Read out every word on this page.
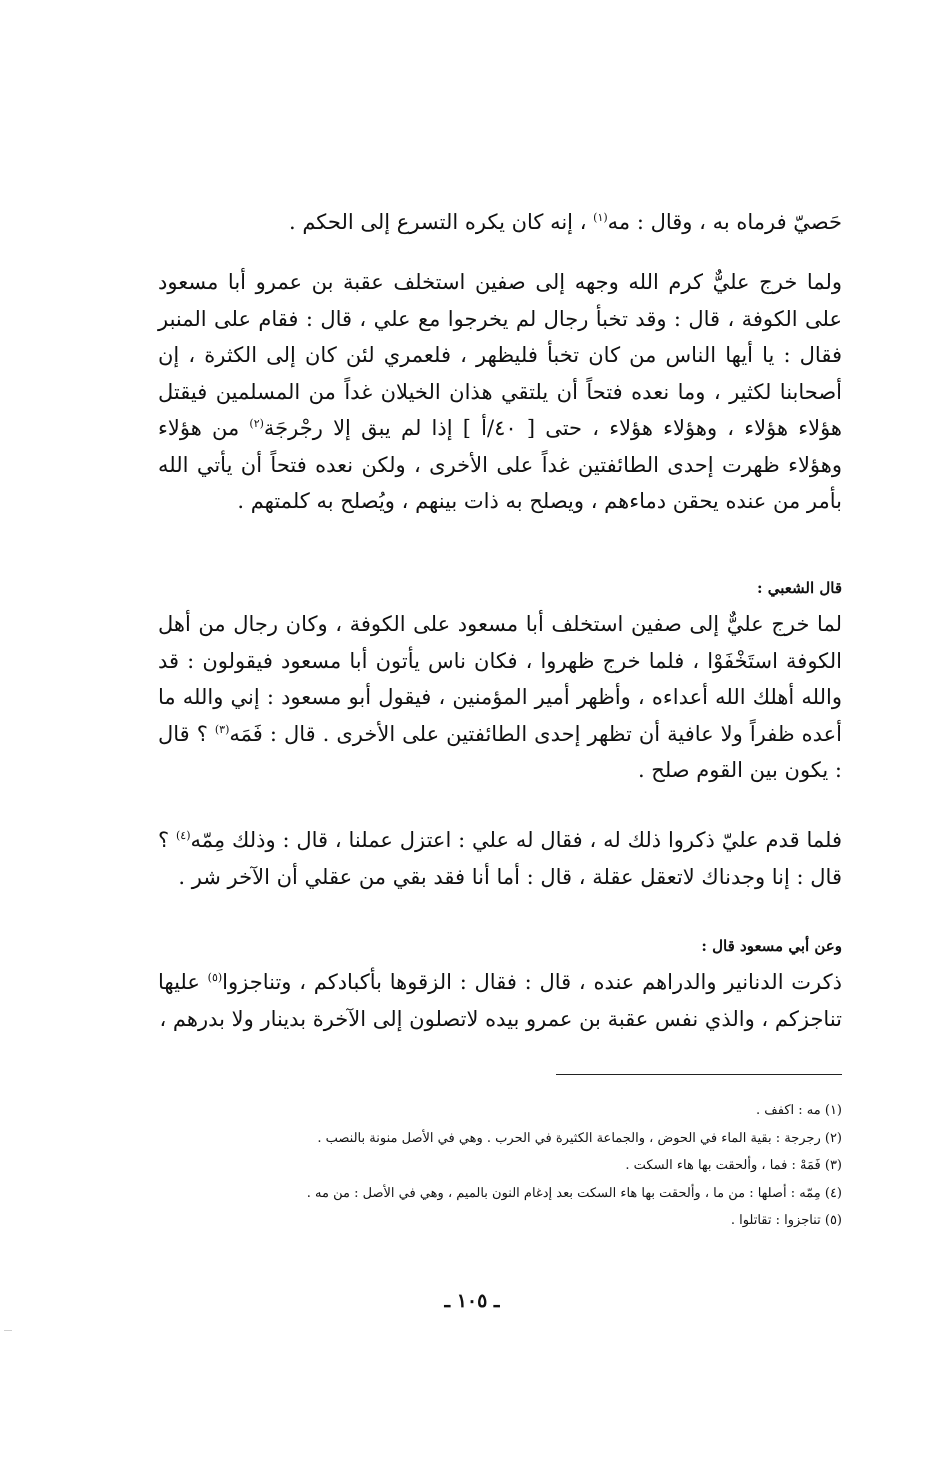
حَصيّ فرماه به ، وقال : مه$^{(١)}$ ، إنه كان يكره التسرع إلى الحكم .

ولما خرج عليٌّ كرم الله وجهه إلى صفين استخلف عقبة بن عمرو أبا مسعود على الكوفة ، قال : وقد تخبأ رجال لم يخرجوا مع علي ، قال : فقام على المنبر فقال : يا أيها الناس من كان تخبأ فليظهر ، فلعمري لئن كان إلى الكثرة ، إن أصحابنا لكثير ، وما نعده فتحاً أن يلتقي هذان الخيلان غداً من المسلمين فيقتل هؤلاء هؤلاء ، وهؤلاء هؤلاء ، حتى [ ٤٠/أ ] إذا لم يبق إلا رجْرجَة$^{(٢)}$ من هؤلاء وهؤلاء ظهرت إحدى الطائفتين غداً على الأخرى ، ولكن نعده فتحاً أن يأتي الله بأمر من عنده يحقن دماءهم ، ويصلح به ذات بينهم ، ويُصلح به كلمتهم .

قال الشعبي :

لما خرج عليٌّ إلى صفين استخلف أبا مسعود على الكوفة ، وكان رجال من أهل الكوفة استَخْفَوْا ، فلما خرج ظهروا ، فكان ناس يأتون أبا مسعود فيقولون : قد والله أهلك الله أعداءه ، وأظهر أمير المؤمنين ، فيقول أبو مسعود : إني والله ما أعده ظفراً ولا عافية أن تظهر إحدى الطائفتين على الأخرى . قال : فَمَه$^{(٣)}$ ؟ قال : يكون بين القوم صلح .

فلما قدم عليّ ذكروا ذلك له ، فقال له علي : اعتزل عملنا ، قال : وذلك مِمّه$^{(٤)}$ ؟ قال : إنا وجدناك لاتعقل عقلة ، قال : أما أنا فقد بقي من عقلي أن الآخر شر .

وعن أبي مسعود قال :

ذكرت الدنانير والدراهم عنده ، قال : فقال : الزقوها بأكبادكم ، وتناجزوا$^{(٥)}$ عليها تناجزكم ، والذي نفس عقبة بن عمرو بيده لاتصلون إلى الآخرة بدينار ولا بدرهم ،

(١) مه : اكفف .

(٢) رجرجة : بقية الماء في الحوض ، والجماعة الكثيرة في الحرب . وهي في الأصل منونة بالنصب .

(٣) فَمَهْ : فما ، وألحقت بها هاء السكت .

(٤) مِمّه : أصلها : من ما ، وألحقت بها هاء السكت بعد إدغام النون بالميم ، وهي في الأصل : من مه .

(٥) تناجزوا : تقاتلوا .

ـ ١٠٥ ـ
